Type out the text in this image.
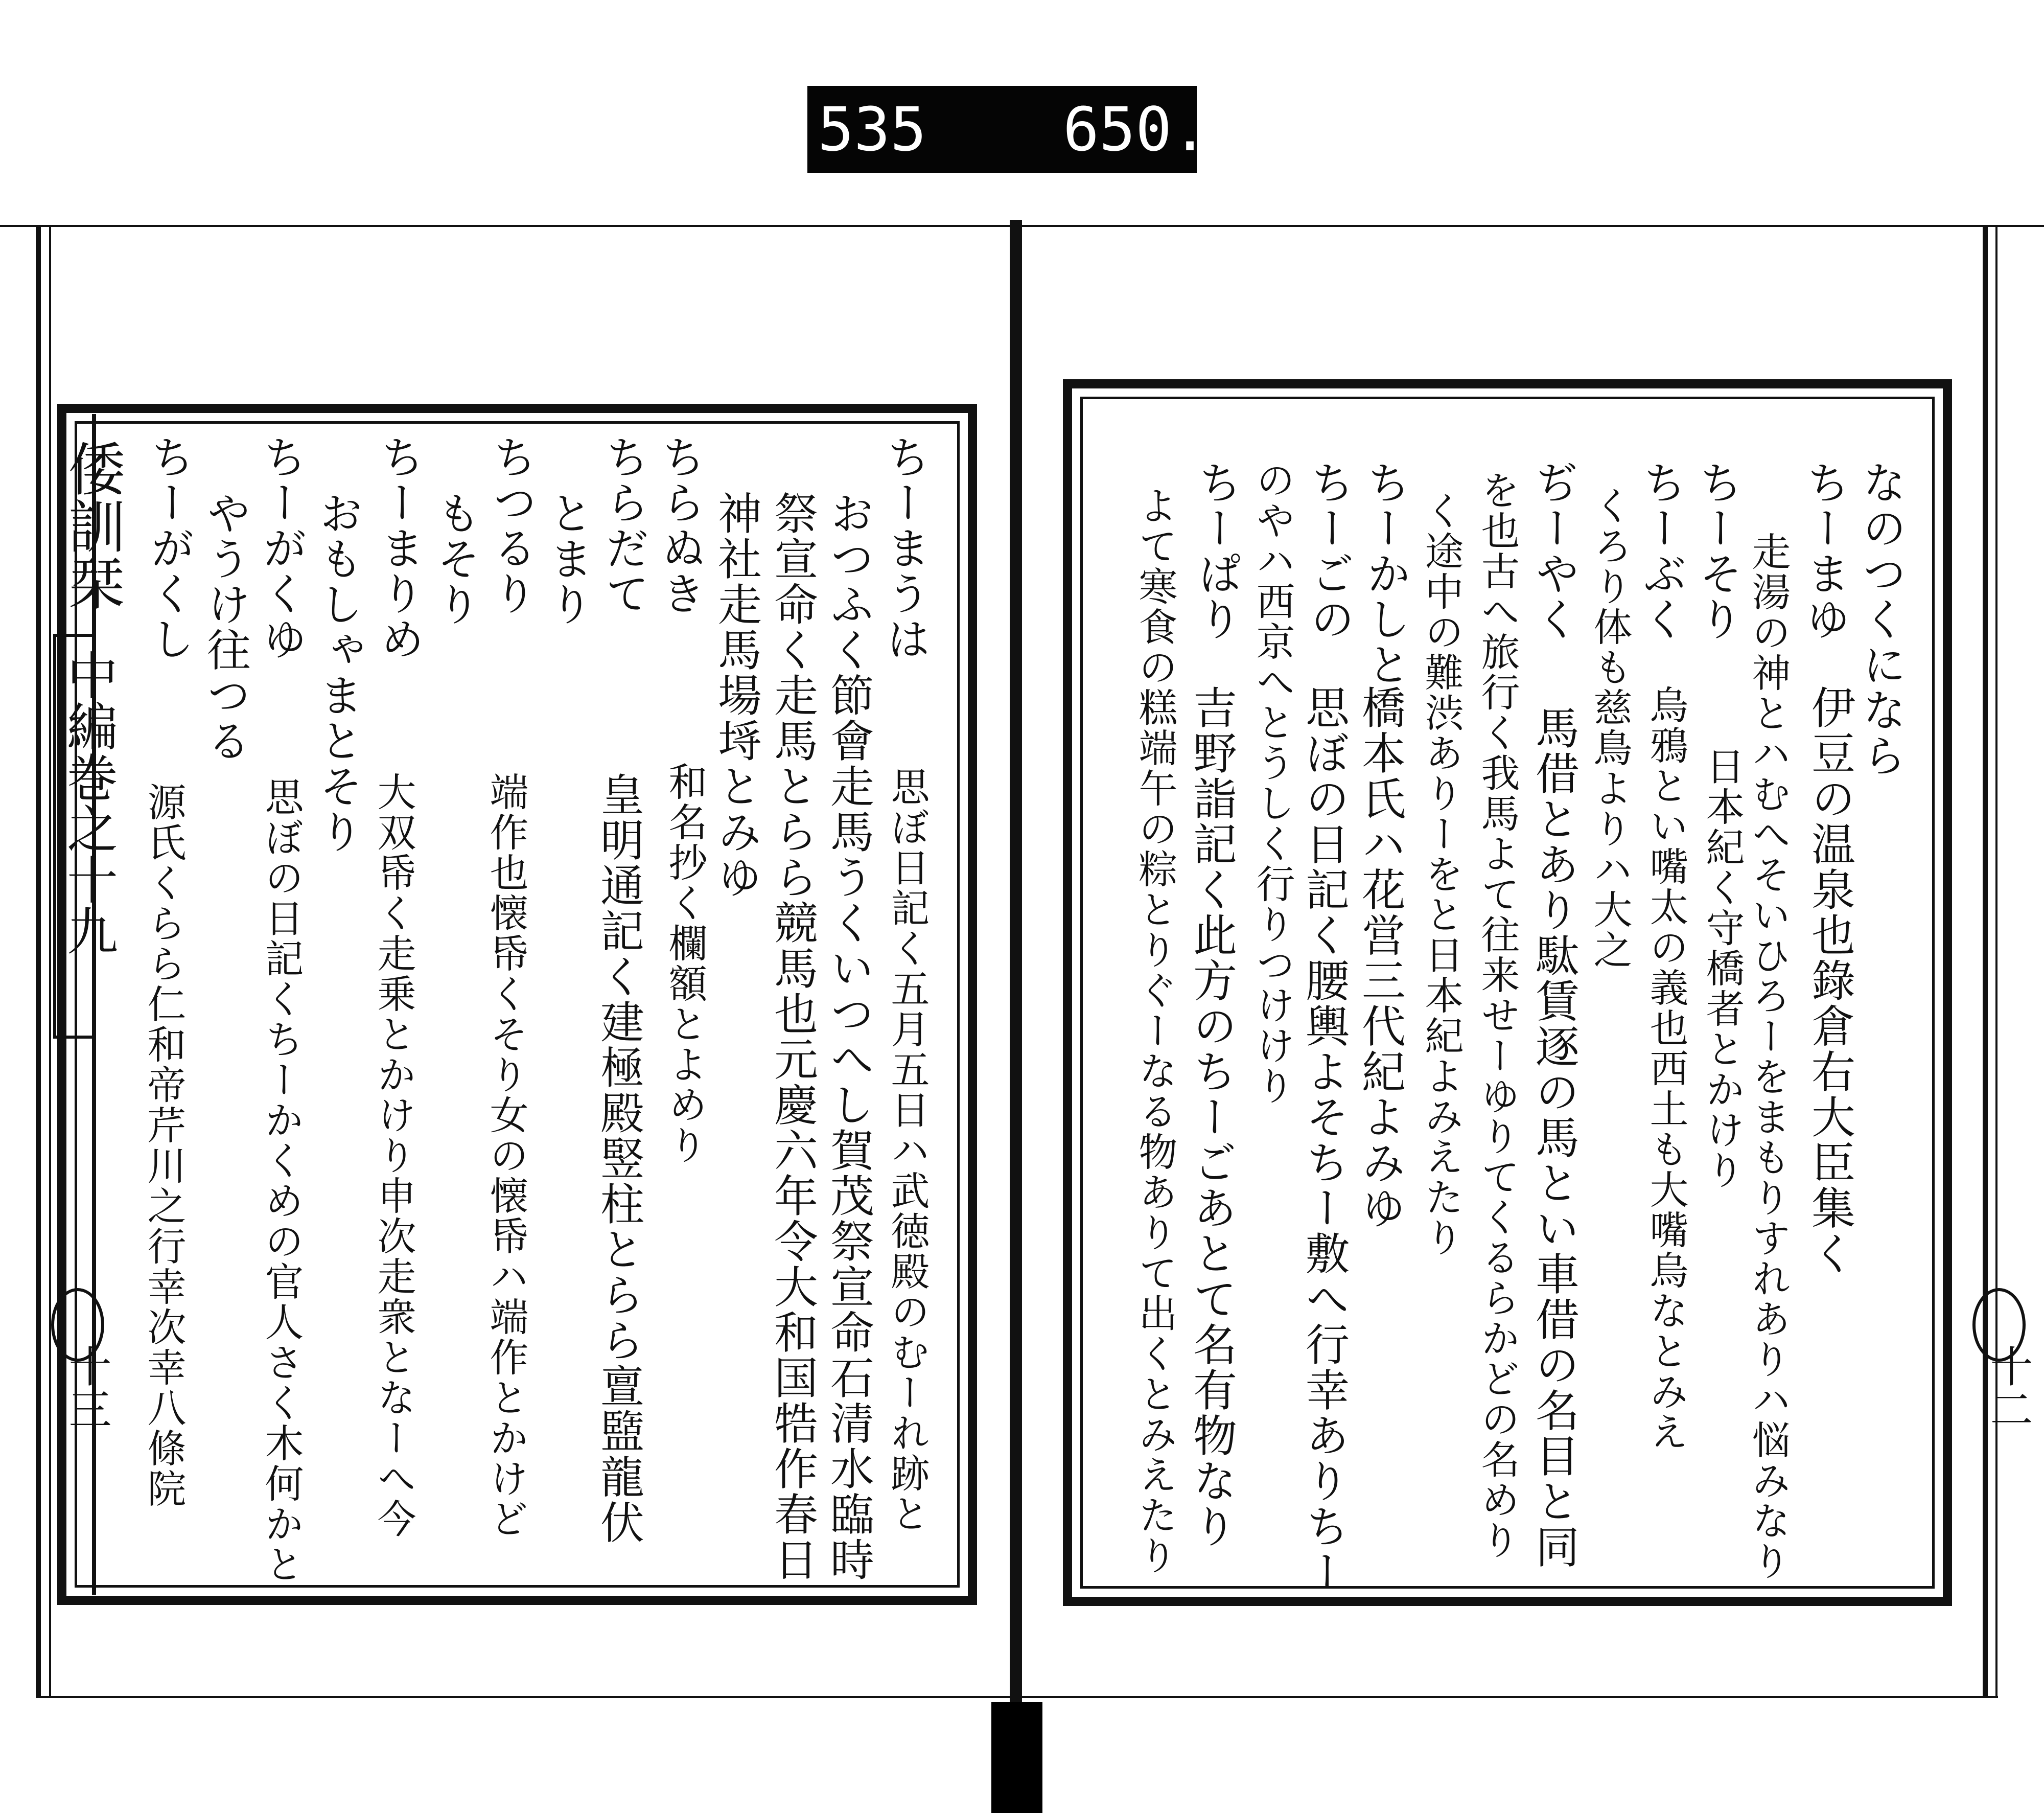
535 650.
倭訓栞
中編巻之十九
十三
ちーまうは
思ぼ日記く五月五日ハ武徳殿のむーれ跡と
おつふく節會走馬うくいつへし賀茂祭宣命石清水臨時
祭宣命く走馬とらら競馬也元慶六年令大和国牿作春日
神社走馬場埓とみゆ
ちらぬき
和名抄く欄額とよめり
ちらだて
皇明通記く建極殿竪柱とらら亶盬龍伏
とまり
ちつるり
端作也懐帋くそり女の懐帋ハ端作とかけど
もそり
ちーまりめ
大双帋く走乗とかけり申次走衆となーへ今
おもしゃまとそり
思ぼの日記くちーかくめの官人さく木何かと
ちーがくゆ
やうけ往つる
ちーがくし
源氏くらら仁和帝芹川之行幸次幸八條院	十二
なのつくになら
ちーまゆ
伊豆の温泉也錄倉右大臣集く
走湯の神とハむへそいひろーをまもりすれありハ悩みなり
ちーそり
日本紀く守橋者とかけり
ちーぶく
烏鴉とい嘴太の義也西土も大嘴烏なとみえ
くろり体も慈鳥よりハ大之
ぢーやく
馬借とあり駄賃逐の馬とい車借の名目と同
を也古へ旅行く我馬よて往来せーゆりてくるらかどの名めり
く途中の難渋ありーをと日本紀よみえたり
ちーかしと
橋本氏ハ花営三代紀よみゆ
ちーごの
思ぼの日記く腰輿よそちー敷へ行幸ありちー
のやハ西京へとうしく行りつけけり
ちーぱり
吉野詣記く此方のちーごあとて名有物なり
よて寒食の糕端午の粽とりぐーなる物ありて出くとみえたり
